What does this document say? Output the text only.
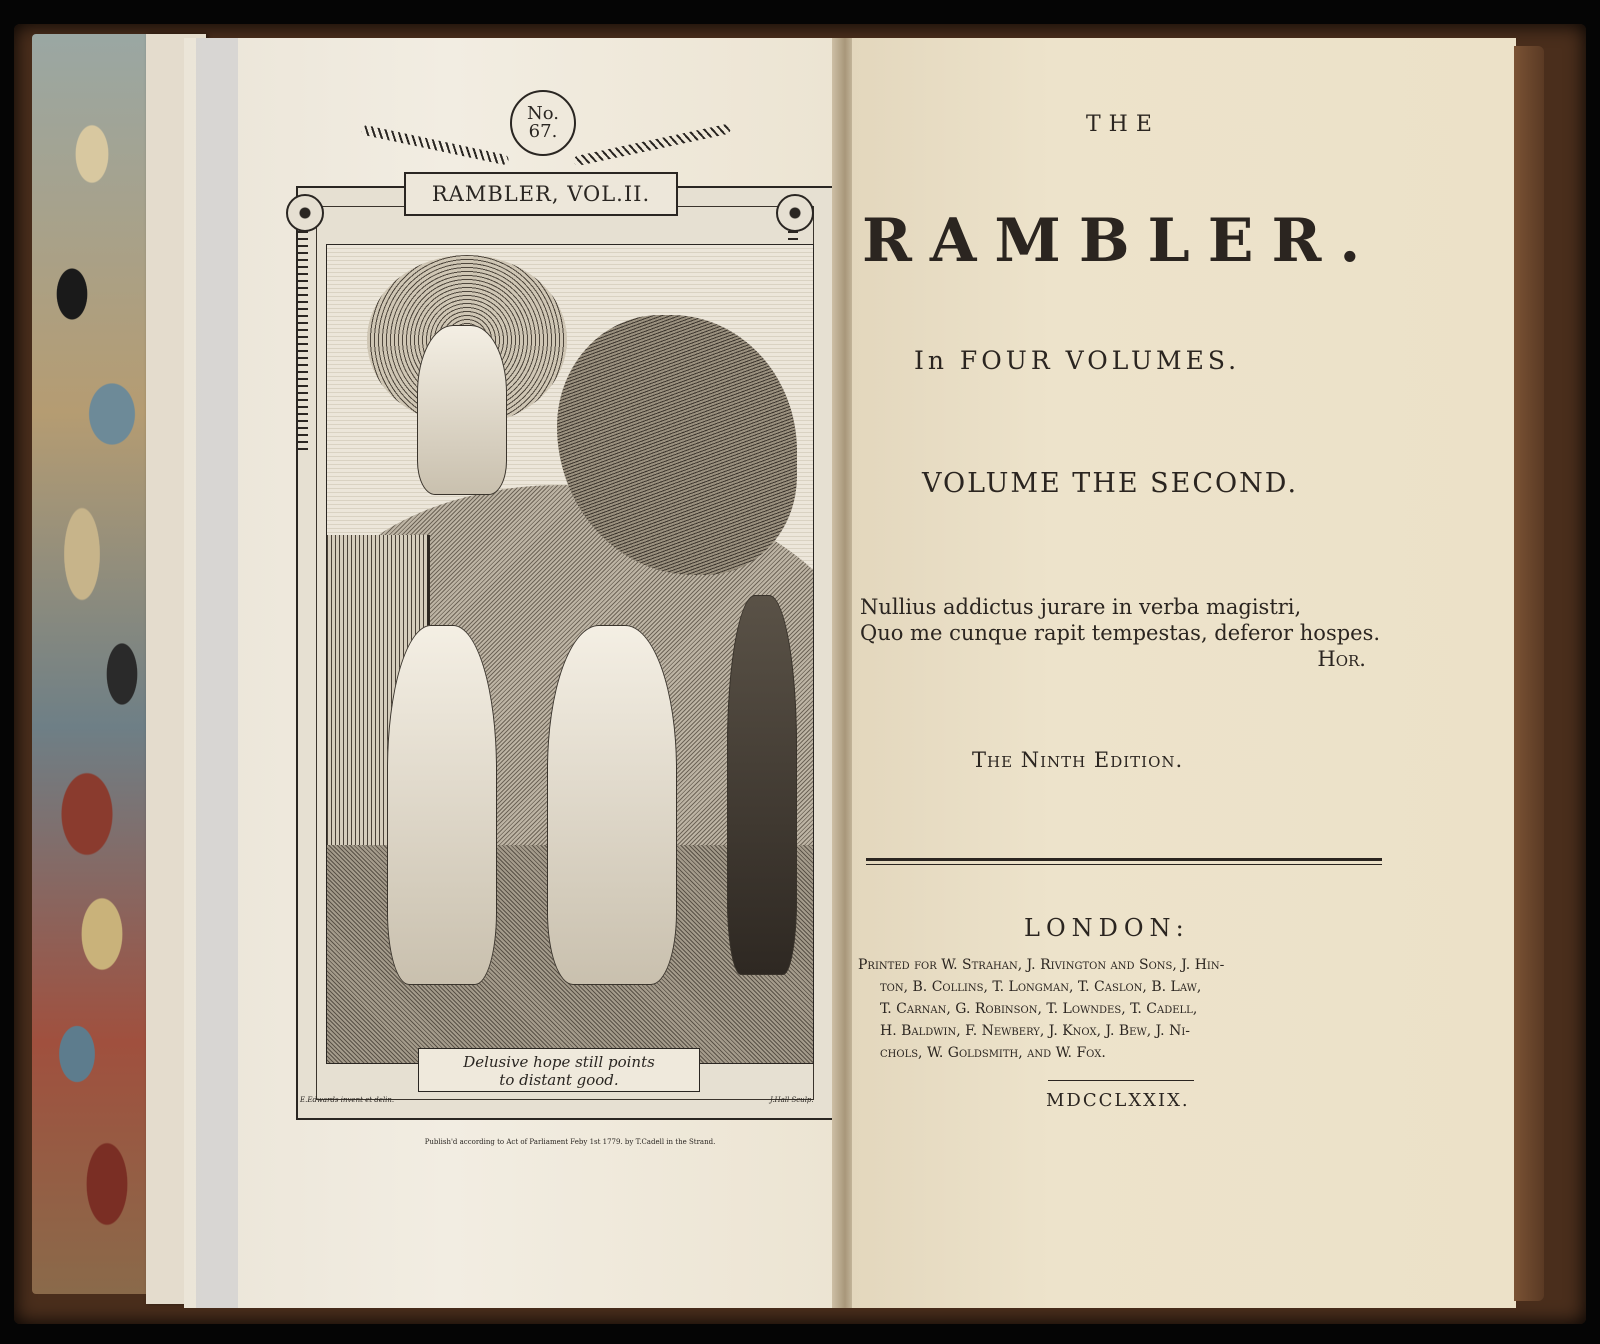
No.
67.
RAMBLER, VOL.II.
Delusive hope still points
to distant good.
E.Edwards invent et delin.	J.Hall Sculp.
Publish'd according to Act of Parliament Feby 1st 1779. by T.Cadell in the Strand.
THE
RAMBLER.
In FOUR VOLUMES.
VOLUME THE SECOND.
Nullius addictus jurare in verba magistri,
Quo me cunque rapit tempestas, deferor hospes.
Hor.
The Ninth Edition.
LONDON:
Printed for W. Strahan, J. Rivington and Sons, J. Hin-
ton, B. Collins, T. Longman, T. Caslon, B. Law,
T. Carnan, G. Robinson, T. Lowndes, T. Cadell,
H. Baldwin, F. Newbery, J. Knox, J. Bew, J. Ni-
chols, W. Goldsmith, and W. Fox.
MDCCLXXIX.
